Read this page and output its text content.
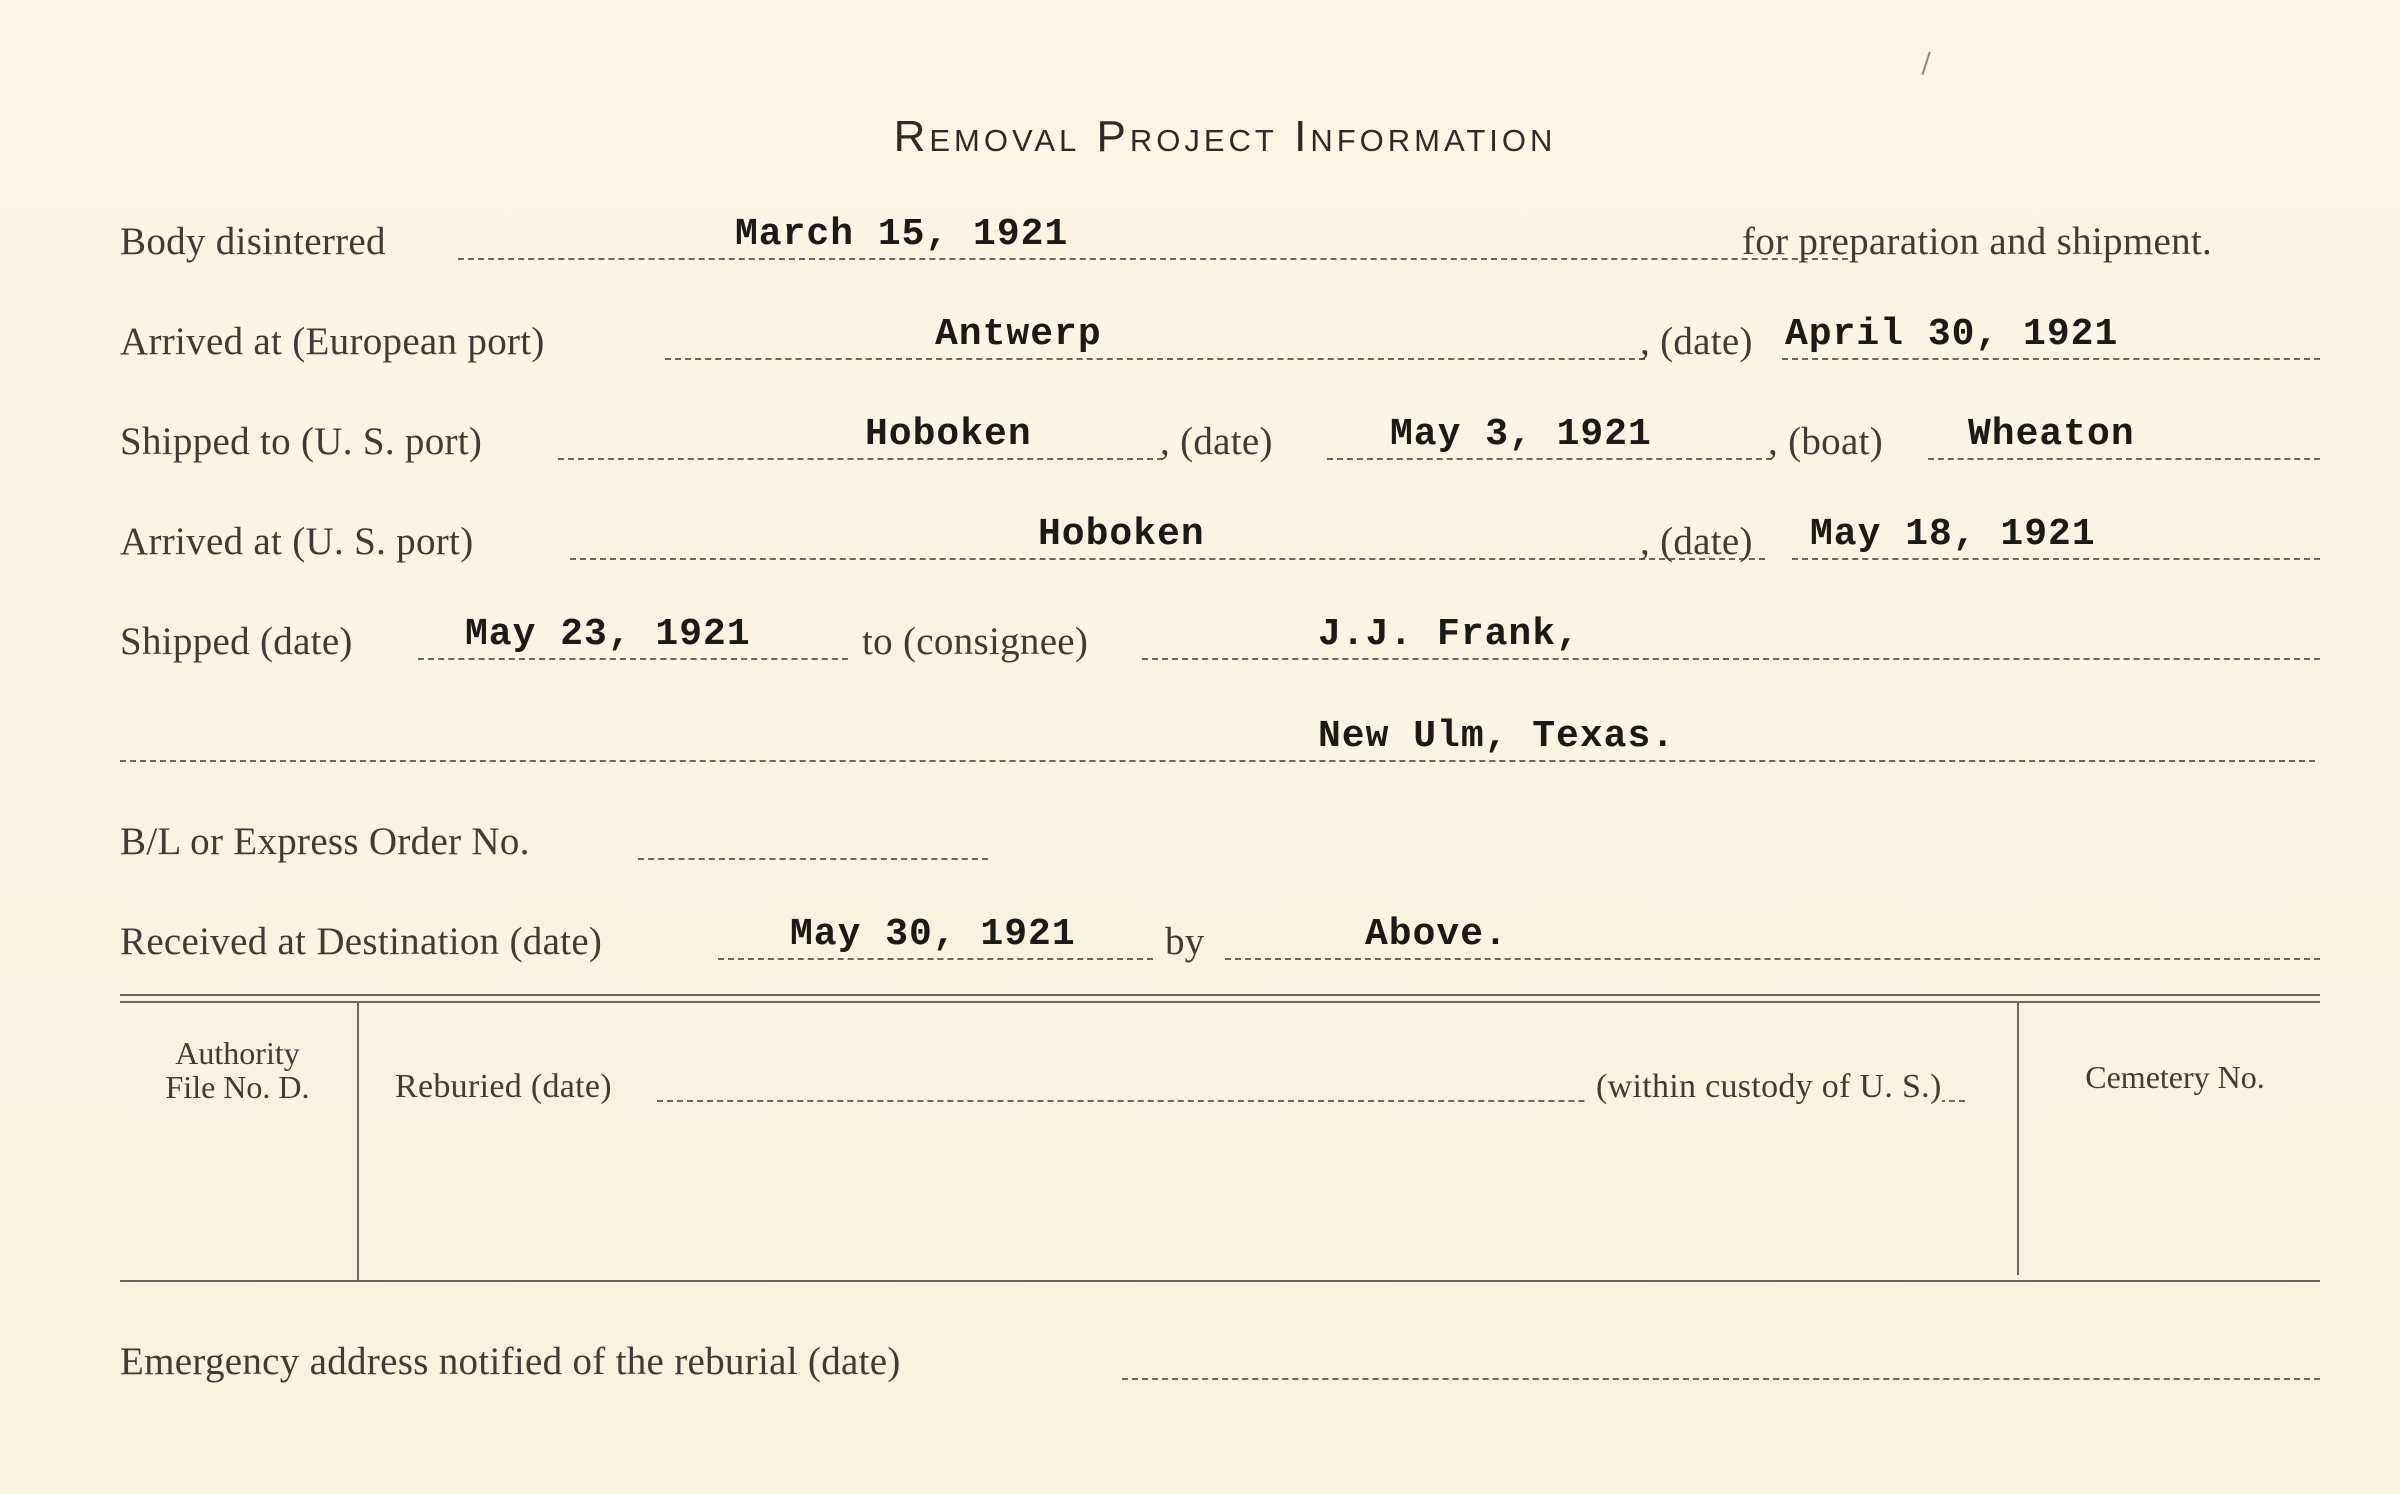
Removal Project Information
Body disinterred	March 15, 1921	for preparation and shipment.
Arrived at (European port)	Antwerp	, (date) April 30, 1921
Shipped to (U. S. port)	Hoboken	, (date)	May 3, 1921	, (boat) Wheaton
Arrived at (U. S. port)	Hoboken	, (date) May 18, 1921
Shipped (date)	May 23, 1921	to (consignee)	J.J. Frank,
New Ulm, Texas.
B/L or Express Order No.
Received at Destination (date)	May 30, 1921 by	Above.
Authority
File No. D.	Reburied (date)	(within custody of U. S.)	Cemetery No.
Emergency address notified of the reburial (date)
